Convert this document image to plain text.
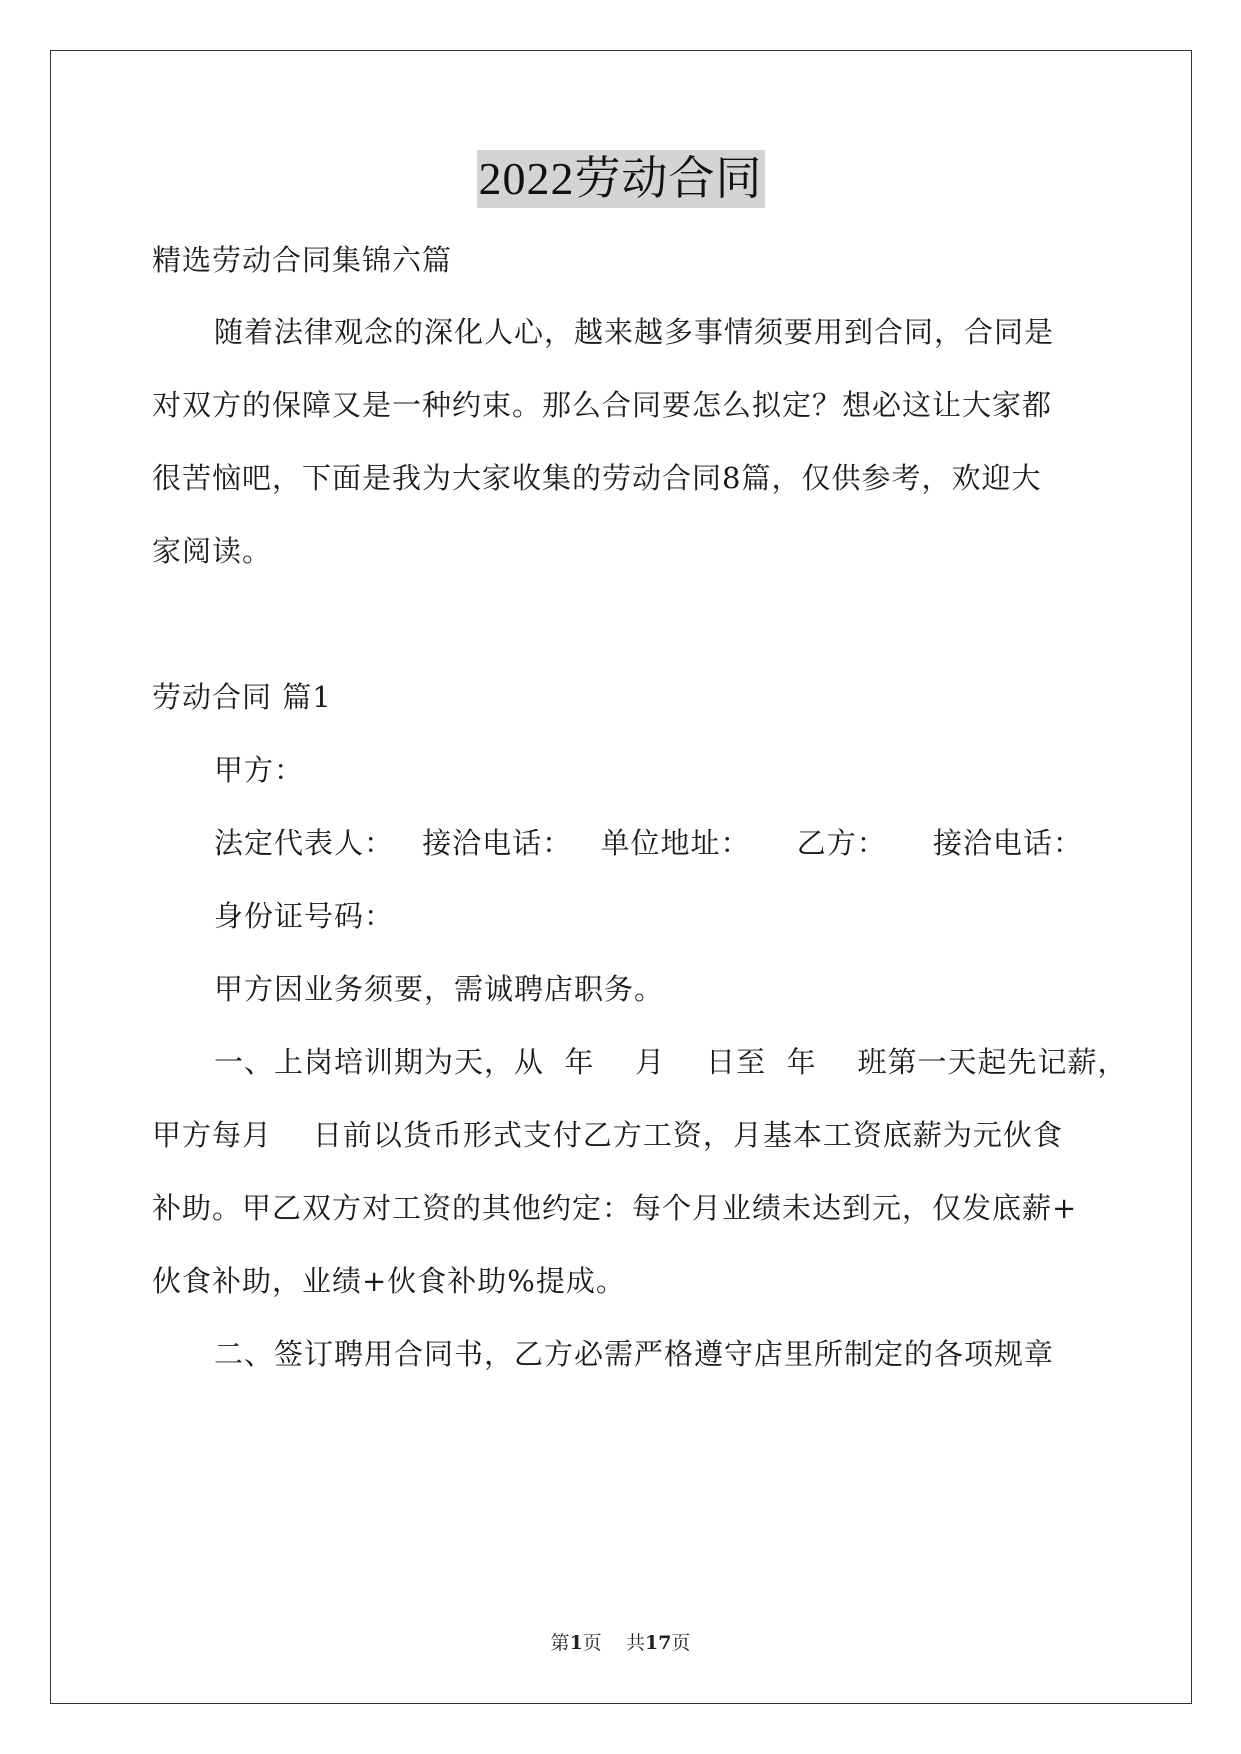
2022劳动合同
精选劳动合同集锦六篇
随着法律观念的深化人心，越来越多事情须要用到合同，合同是
对双方的保障又是一种约束。那么合同要怎么拟定？想必这让大家都
很苦恼吧，下面是我为大家收集的劳动合同8篇，仅供参考，欢迎大
家阅读。
劳动合同 篇1
甲方：
法定代表人： 接洽电话： 单位地址： 乙方： 接洽电话：
身份证号码：
甲方因业务须要，需诚聘店职务。
一、上岗培训期为天，从  年    月    日至  年    班第一天起先记薪，
甲方每月    日前以货币形式支付乙方工资，月基本工资底薪为元伙食
补助。甲乙双方对工资的其他约定：每个月业绩未达到元，仅发底薪+
伙食补助，业绩+伙食补助%提成。
二、签订聘用合同书，乙方必需严格遵守店里所制定的各项规章
第1页    共17页
